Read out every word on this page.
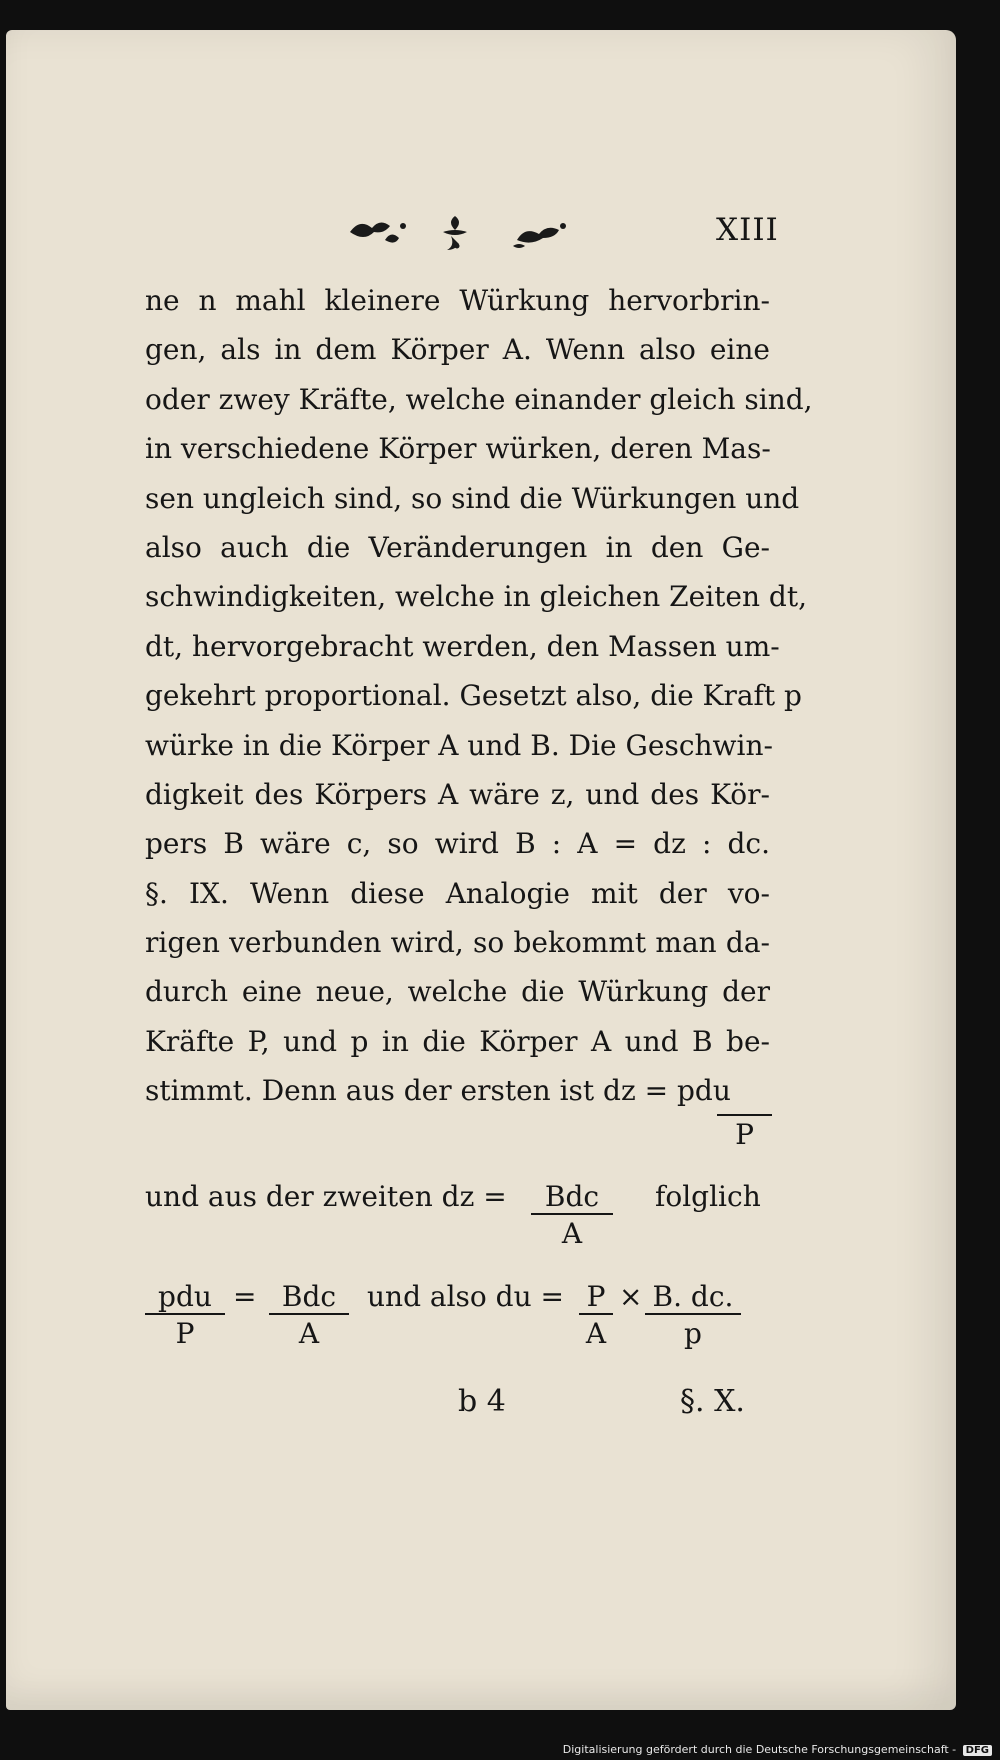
XIII
ne n mahl kleinere Würkung hervorbrin-
gen, als in dem Körper A. Wenn also eine
oder zwey Kräfte, welche einander gleich sind,
in verschiedene Körper würken, deren Mas-
sen ungleich sind, so sind die Würkungen und
also auch die Veränderungen in den Ge-
schwindigkeiten, welche in gleichen Zeiten dt,
dt, hervorgebracht werden, den Massen um-
gekehrt proportional. Gesetzt also, die Kraft p
würke in die Körper A und B. Die Geschwin-
digkeit des Körpers A wäre z, und des Kör-
pers B wäre c, so wird B : A = dz : dc.
§. IX. Wenn diese Analogie mit der vo-
rigen verbunden wird, so bekommt man da-
durch eine neue, welche die Würkung der
Kräfte P, und p in die Körper A und B be-
stimmt. Denn aus der ersten ist dz = pdu
P
und aus der zweiten dz =	Bdc
A
folglich
pdu
P
= Bdc
A
und also du = $\frac{P}{A} \times \frac{B. dc.}{p}$
b 4	§. X.
Digitalisierung gefördert durch die Deutsche Forschungsgemeinschaft - DFG
